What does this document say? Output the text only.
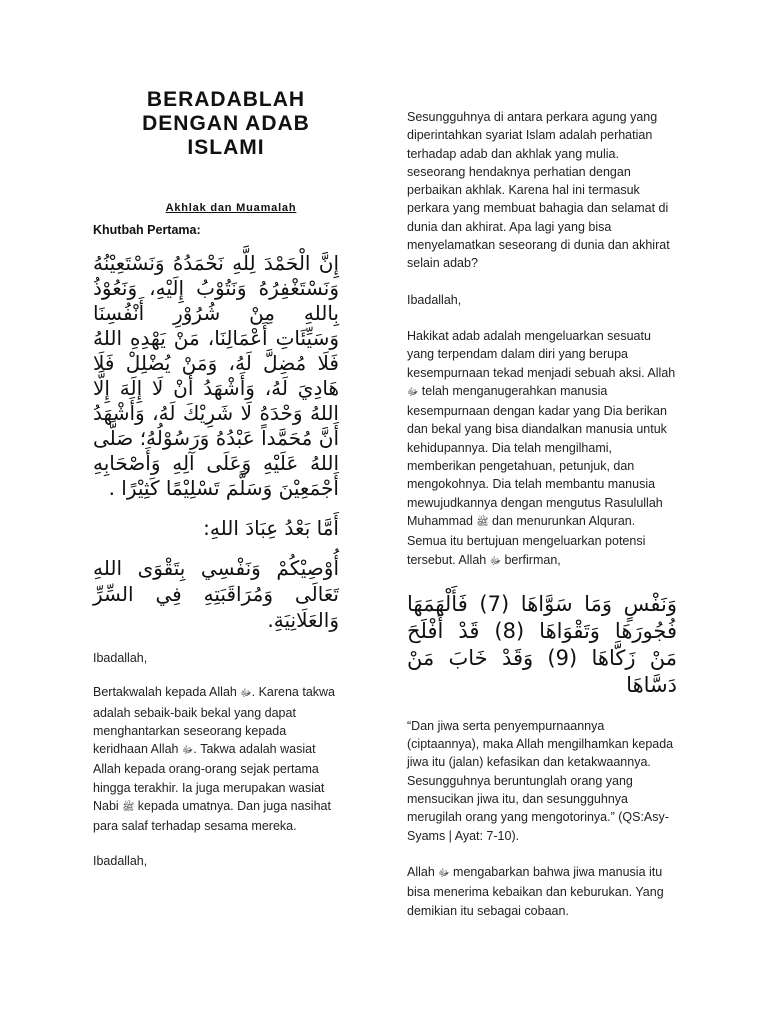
BERADABLAH
DENGAN ADAB
ISLAMI
Akhlak dan Muamalah
Khutbah Pertama:
إِنَّ الْحَمْدَ لِلَّهِ نَحْمَدُهُ وَنَسْتَعِيْنُهُ وَنَسْتَغْفِرُهُ وَنَتُوْبُ إِلَيْهِ، وَنَعُوْذُ بِاللهِ مِنْ شُرُوْرِ أَنْفُسِنَا وَسَيِّئَاتِ أَعْمَالِنَا، مَنْ يَهْدِهِ اللهُ فَلَا مُضِلَّ لَهُ، وَمَنْ يُضْلِلْ فَلَا هَادِيَ لَهُ، وَأَشْهَدُ أَنْ لَا إِلَهَ إِلَّا اللهُ وَحْدَهُ لَا شَرِيْكَ لَهُ، وَأَشْهَدُ أَنَّ مُحَمَّداً عَبْدُهُ وَرَسُوْلُهُ؛ صَلَّى اللهُ عَلَيْهِ وَعَلَى آلِهِ وَأَصْحَابِهِ أَجْمَعِيْنَ وَسَلَّمَ تَسْلِيْمًا كَثِيْرًا .
أَمَّا بَعْدُ عِبَادَ اللهِ:
أُوْصِيْكُمْ وَنَفْسِي بِتَقْوَى اللهِ تَعَالَى وَمُرَاقَبَتِهِ فِي السِّرِّ وَالعَلَانِيَةِ.

Ibadallah,

Bertakwalah kepada Allah ﷻ. Karena takwa adalah sebaik-baik bekal yang dapat menghantarkan seseorang kepada keridhaan Allah ﷻ. Takwa adalah wasiat Allah kepada orang-orang sejak pertama hingga terakhir. Ia juga merupakan wasiat Nabi ﷺ kepada umatnya. Dan juga nasihat para salaf terhadap sesama mereka.

Ibadallah,

Sesungguhnya di antara perkara agung yang diperintahkan syariat Islam adalah perhatian terhadap adab dan akhlak yang mulia. seseorang hendaknya perhatian dengan perbaikan akhlak. Karena hal ini termasuk perkara yang membuat bahagia dan selamat di dunia dan akhirat. Apa lagi yang bisa menyelamatkan seseorang di dunia dan akhirat selain adab?

Ibadallah,

Hakikat adab adalah mengeluarkan sesuatu yang terpendam dalam diri yang berupa kesempurnaan tekad menjadi sebuah aksi. Allah ﷻ telah menganugerahkan manusia kesempurnaan dengan kadar yang Dia berikan dan bekal yang bisa diandalkan manusia untuk kehidupannya. Dia telah mengilhami, memberikan pengetahuan, petunjuk, dan mengokohnya. Dia telah membantu manusia mewujudkannya dengan mengutus Rasulullah Muhammad ﷺ dan menurunkan Alquran. Semua itu bertujuan mengeluarkan potensi tersebut. Allah ﷻ berfirman,

وَنَفْسٍ وَمَا سَوَّاهَا (7) فَأَلْهَمَهَا فُجُورَهَا وَتَقْوَاهَا (8) قَدْ أَفْلَحَ مَنْ زَكَّاهَا (9) وَقَدْ خَابَ مَنْ دَسَّاهَا

“Dan jiwa serta penyempurnaannya (ciptaannya), maka Allah mengilhamkan kepada jiwa itu (jalan) kefasikan dan ketakwaannya. Sesungguhnya beruntunglah orang yang mensucikan jiwa itu, dan sesungguhnya merugilah orang yang mengotorinya.” (QS:Asy-Syams | Ayat: 7-10).

Allah ﷻ mengabarkan bahwa jiwa manusia itu bisa menerima kebaikan dan keburukan. Yang demikian itu sebagai cobaan.
